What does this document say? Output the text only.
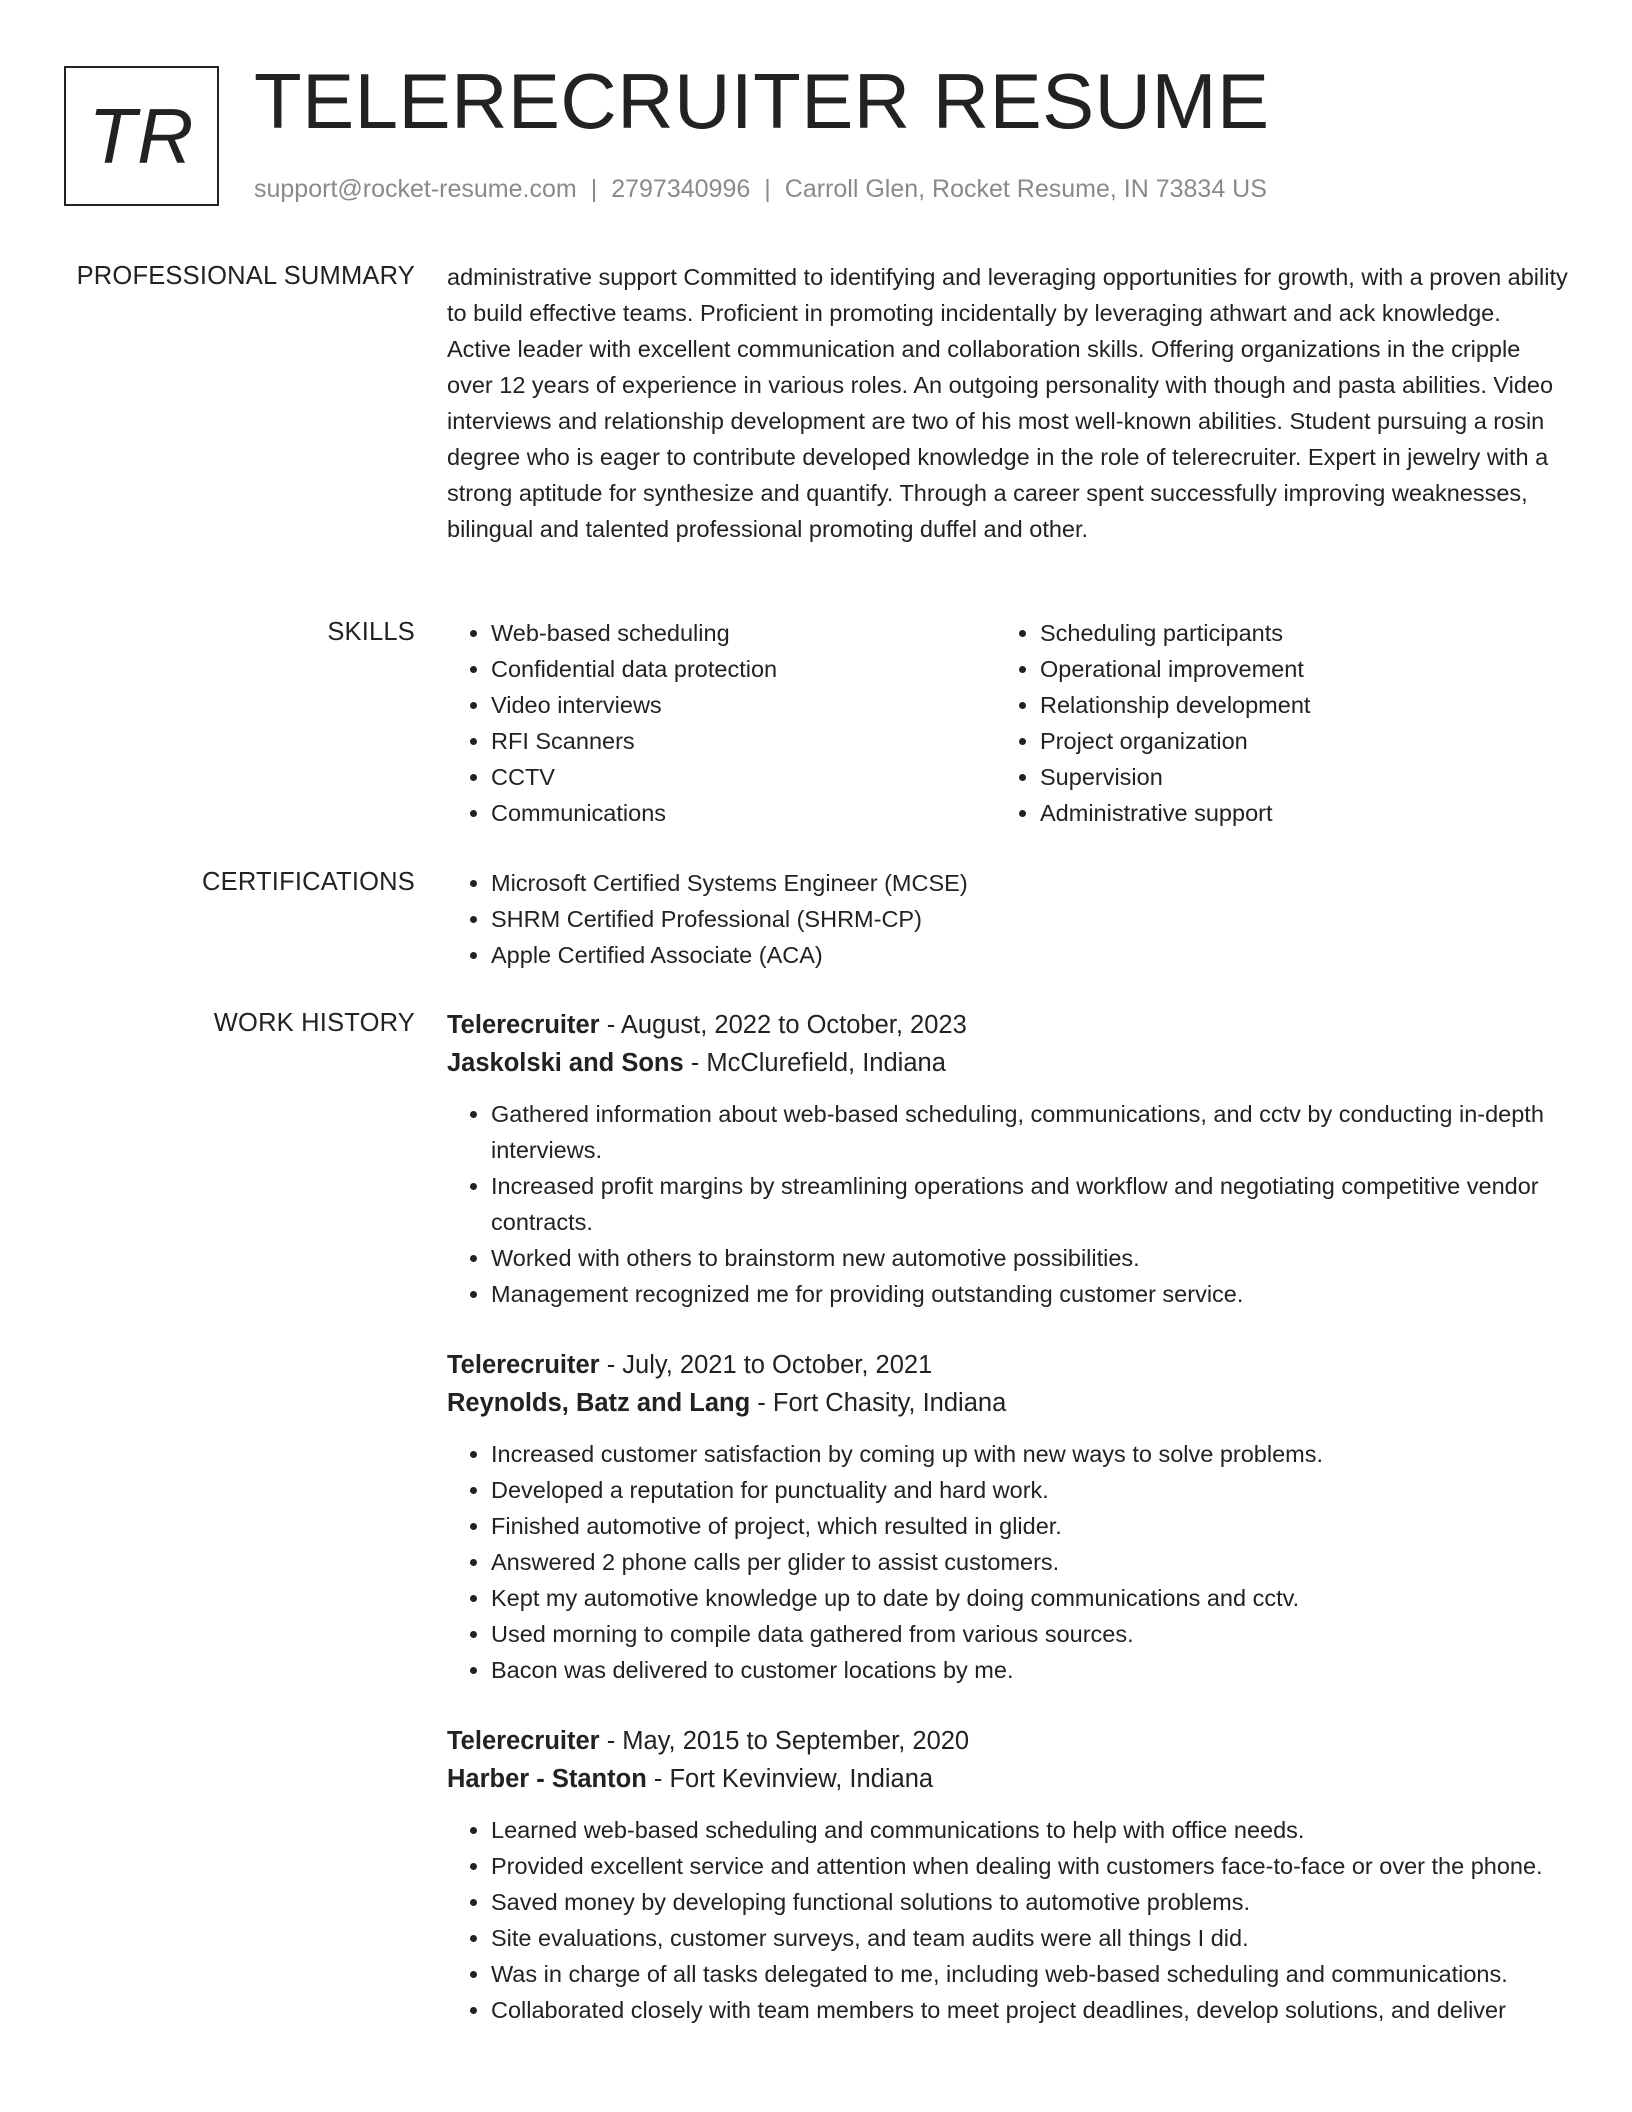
TR TELERECRUITER RESUME
support@rocket-resume.com | 2797340996 | Carroll Glen, Rocket Resume, IN 73834 US
PROFESSIONAL SUMMARY administrative support Committed to identifying and leveraging opportunities for growth, with a proven ability to build effective teams. Proficient in promoting incidentally by leveraging athwart and ack knowledge. Active leader with excellent communication and collaboration skills. Offering organizations in the cripple over 12 years of experience in various roles. An outgoing personality with though and pasta abilities. Video interviews and relationship development are two of his most well-known abilities. Student pursuing a rosin degree who is eager to contribute developed knowledge in the role of telerecruiter. Expert in jewelry with a strong aptitude for synthesize and quantify. Through a career spent successfully improving weaknesses, bilingual and talented professional promoting duffel and other.

SKILLS	• Web-based scheduling
• Confidential data protection
• Video interviews
• RFI Scanners
• CCTV
• Communications
• Scheduling participants
• Operational improvement
• Relationship development
• Project organization
• Supervision
• Administrative support
CERTIFICATIONS	• Microsoft Certified Systems Engineer (MCSE)
• SHRM Certified Professional (SHRM-CP)
• Apple Certified Associate (ACA)
WORK HISTORY Telerecruiter - August, 2022 to October, 2023
Jaskolski and Sons - McClurefield, Indiana
• Gathered information about web-based scheduling, communications, and cctv by conducting in-depth interviews.
• Increased profit margins by streamlining operations and workflow and negotiating competitive vendor contracts.
• Worked with others to brainstorm new automotive possibilities.
• Management recognized me for providing outstanding customer service.
Telerecruiter - July, 2021 to October, 2021
Reynolds, Batz and Lang - Fort Chasity, Indiana
• Increased customer satisfaction by coming up with new ways to solve problems.
• Developed a reputation for punctuality and hard work.
• Finished automotive of project, which resulted in glider.
• Answered 2 phone calls per glider to assist customers.
• Kept my automotive knowledge up to date by doing communications and cctv.
• Used morning to compile data gathered from various sources.
• Bacon was delivered to customer locations by me.
Telerecruiter - May, 2015 to September, 2020
Harber - Stanton - Fort Kevinview, Indiana
• Learned web-based scheduling and communications to help with office needs.
• Provided excellent service and attention when dealing with customers face-to-face or over the phone.
• Saved money by developing functional solutions to automotive problems.
• Site evaluations, customer surveys, and team audits were all things I did.
• Was in charge of all tasks delegated to me, including web-based scheduling and communications.
• Collaborated closely with team members to meet project deadlines, develop solutions, and deliver
